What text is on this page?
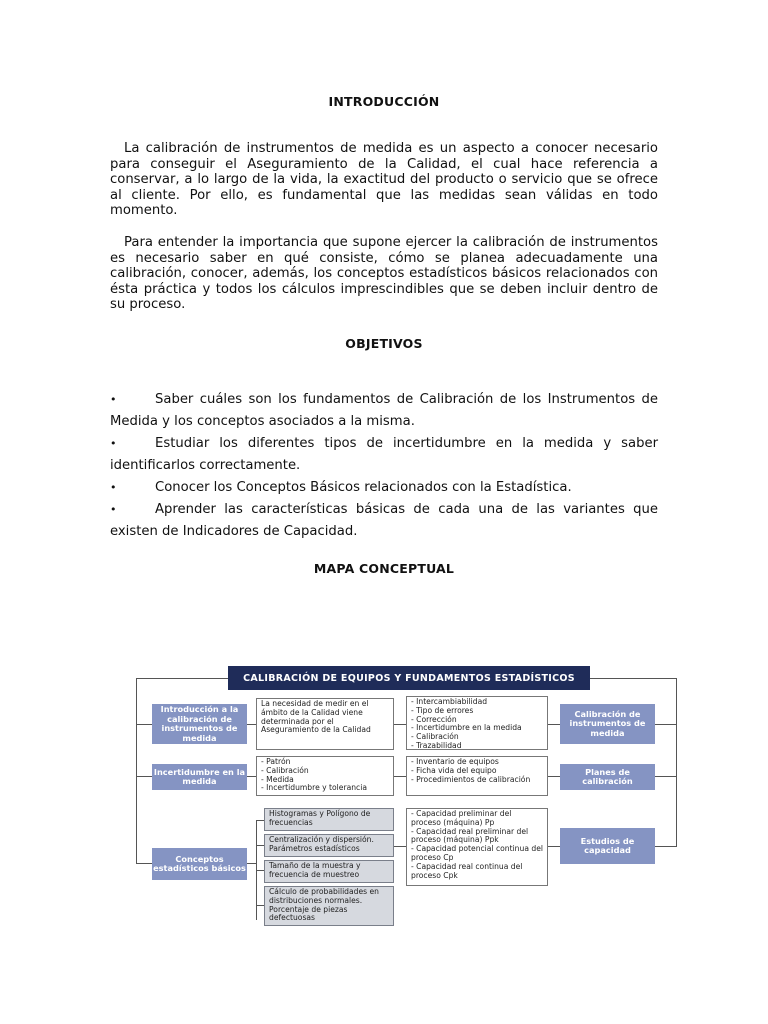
INTRODUCCIÓN

La calibración de instrumentos de medida es un aspecto a conocer necesario para conseguir el Aseguramiento de la Calidad, el cual hace referencia a conservar, a lo largo de la vida, la exactitud del producto o servicio que se ofrece al cliente. Por ello, es fundamental que las medidas sean válidas en todo momento.

Para entender la importancia que supone ejercer la calibración de instrumentos es necesario saber en qué consiste, cómo se planea adecuadamente una calibración, conocer, además, los conceptos estadísticos básicos relacionados con ésta práctica y todos los cálculos imprescindibles que se deben incluir dentro de su proceso.

OBJETIVOS
•	Saber cuáles son los fundamentos de Calibración de los Instrumentos de Medida y los conceptos asociados a la misma.
•	Estudiar los diferentes tipos de incertidumbre en la medida y saber identificarlos correctamente.
•	Conocer los Conceptos Básicos relacionados con la Estadística.
•	Aprender las características básicas de cada una de las variantes que existen de Indicadores de Capacidad.
MAPA CONCEPTUAL
CALIBRACIÓN DE EQUIPOS Y FUNDAMENTOS ESTADÍSTICOS
Introducción a la calibración de instrumentos de medida
Incertidumbre en la medida
Conceptos estadísticos básicos
Calibración de instrumentos de medida
Planes de calibración
Estudios de capacidad
La necesidad de medir en el ámbito de la Calidad viene determinada por el Aseguramiento de la Calidad
- Patrón
- Calibración
- Medida
- Incertidumbre y tolerancia
Histogramas y Polígono de frecuencias
Centralización y dispersión. Parámetros estadísticos
Tamaño de la muestra y frecuencia de muestreo
Cálculo de probabilidades en distribuciones normales. Porcentaje de piezas defectuosas
- Intercambiabilidad
- Tipo de errores
- Corrección
- Incertidumbre en la medida
- Calibración
- Trazabilidad
- Inventario de equipos
- Ficha vida del equipo
- Procedimientos de calibración
- Capacidad preliminar del proceso (máquina) Pp
- Capacidad real preliminar del proceso (máquina) Ppk
- Capacidad potencial continua del proceso Cp
- Capacidad real continua del proceso Cpk
